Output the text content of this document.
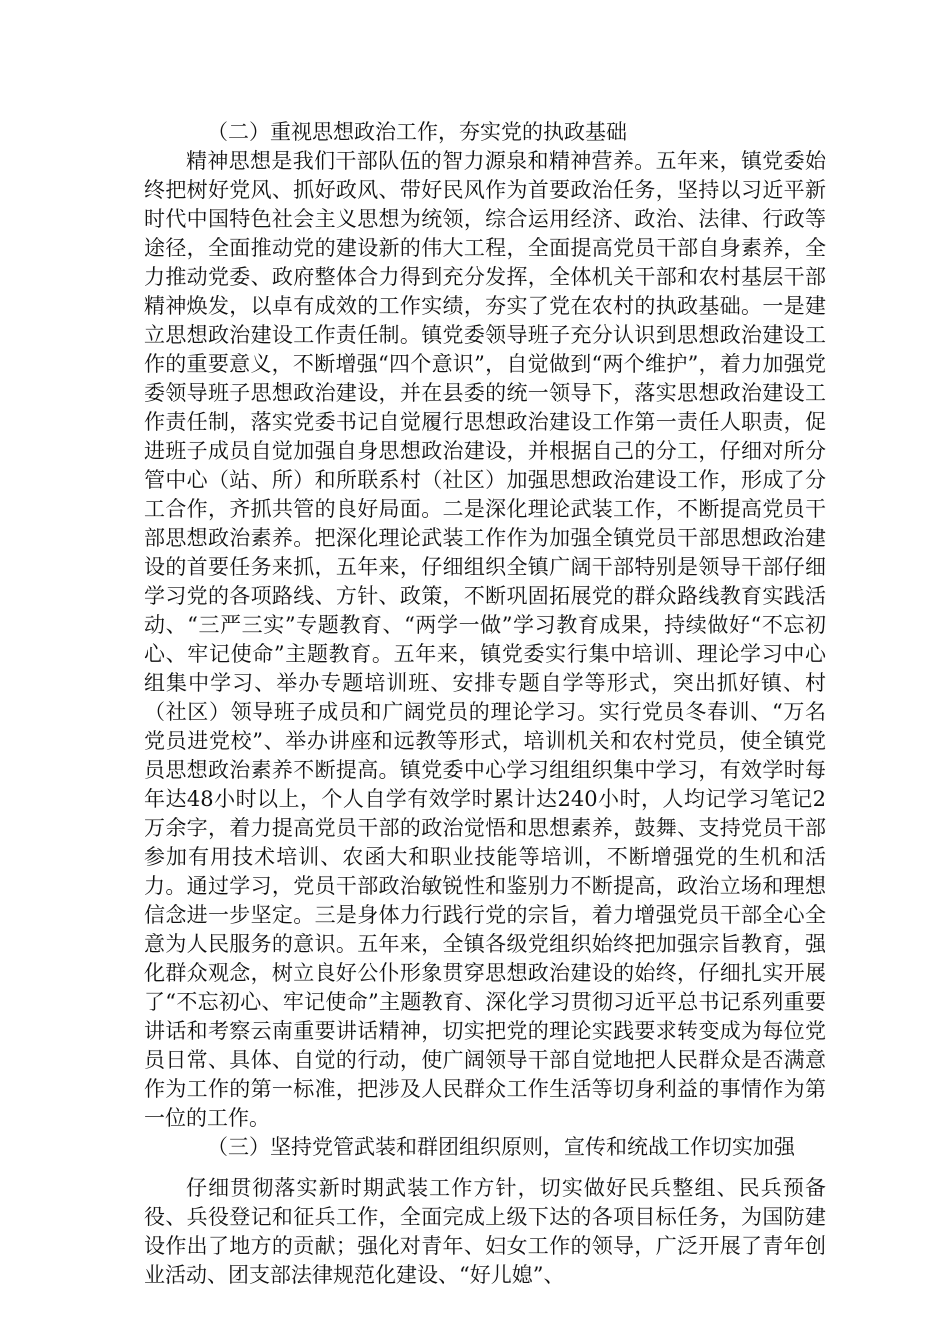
（二）重视思想政治工作，夯实党的执政基础

精神思想是我们干部队伍的智力源泉和精神营养。五年来，镇党委始终把树好党风、抓好政风、带好民风作为首要政治任务，坚持以习近平新时代中国特色社会主义思想为统领，综合运用经济、政治、法律、行政等途径，全面推动党的建设新的伟大工程，全面提高党员干部自身素养，全力推动党委、政府整体合力得到充分发挥，全体机关干部和农村基层干部精神焕发，以卓有成效的工作实绩，夯实了党在农村的执政基础。一是建立思想政治建设工作责任制。镇党委领导班子充分认识到思想政治建设工作的重要意义，不断增强“四个意识”，自觉做到“两个维护”，着力加强党委领导班子思想政治建设，并在县委的统一领导下，落实思想政治建设工作责任制，落实党委书记自觉履行思想政治建设工作第一责任人职责，促进班子成员自觉加强自身思想政治建设，并根据自己的分工，仔细对所分管中心（站、所）和所联系村（社区）加强思想政治建设工作，形成了分工合作，齐抓共管的良好局面。二是深化理论武装工作，不断提高党员干部思想政治素养。把深化理论武装工作作为加强全镇党员干部思想政治建设的首要任务来抓，五年来，仔细组织全镇广阔干部特别是领导干部仔细学习党的各项路线、方针、政策，不断巩固拓展党的群众路线教育实践活动、“三严三实”专题教育、“两学一做”学习教育成果，持续做好“不忘初心、牢记使命”主题教育。五年来，镇党委实行集中培训、理论学习中心组集中学习、举办专题培训班、安排专题自学等形式，突出抓好镇、村（社区）领导班子成员和广阔党员的理论学习。实行党员冬春训、“万名党员进党校”、举办讲座和远教等形式，培训机关和农村党员，使全镇党员思想政治素养不断提高。镇党委中心学习组组织集中学习，有效学时每年达48小时以上，个人自学有效学时累计达240小时，人均记学习笔记2万余字，着力提高党员干部的政治觉悟和思想素养，鼓舞、支持党员干部参加有用技术培训、农函大和职业技能等培训，不断增强党的生机和活力。通过学习，党员干部政治敏锐性和鉴别力不断提高，政治立场和理想信念进一步坚定。三是身体力行践行党的宗旨，着力增强党员干部全心全意为人民服务的意识。五年来，全镇各级党组织始终把加强宗旨教育，强化群众观念，树立良好公仆形象贯穿思想政治建设的始终，仔细扎实开展了“不忘初心、牢记使命”主题教育、深化学习贯彻习近平总书记系列重要讲话和考察云南重要讲话精神，切实把党的理论实践要求转变成为每位党员日常、具体、自觉的行动，使广阔领导干部自觉地把人民群众是否满意作为工作的第一标准，把涉及人民群众工作生活等切身利益的事情作为第一位的工作。

（三）坚持党管武装和群团组织原则，宣传和统战工作切实加强

仔细贯彻落实新时期武装工作方针，切实做好民兵整组、民兵预备役、兵役登记和征兵工作，全面完成上级下达的各项目标任务，为国防建设作出了地方的贡献；强化对青年、妇女工作的领导，广泛开展了青年创业活动、团支部法律规范化建设、“好儿媳”、
